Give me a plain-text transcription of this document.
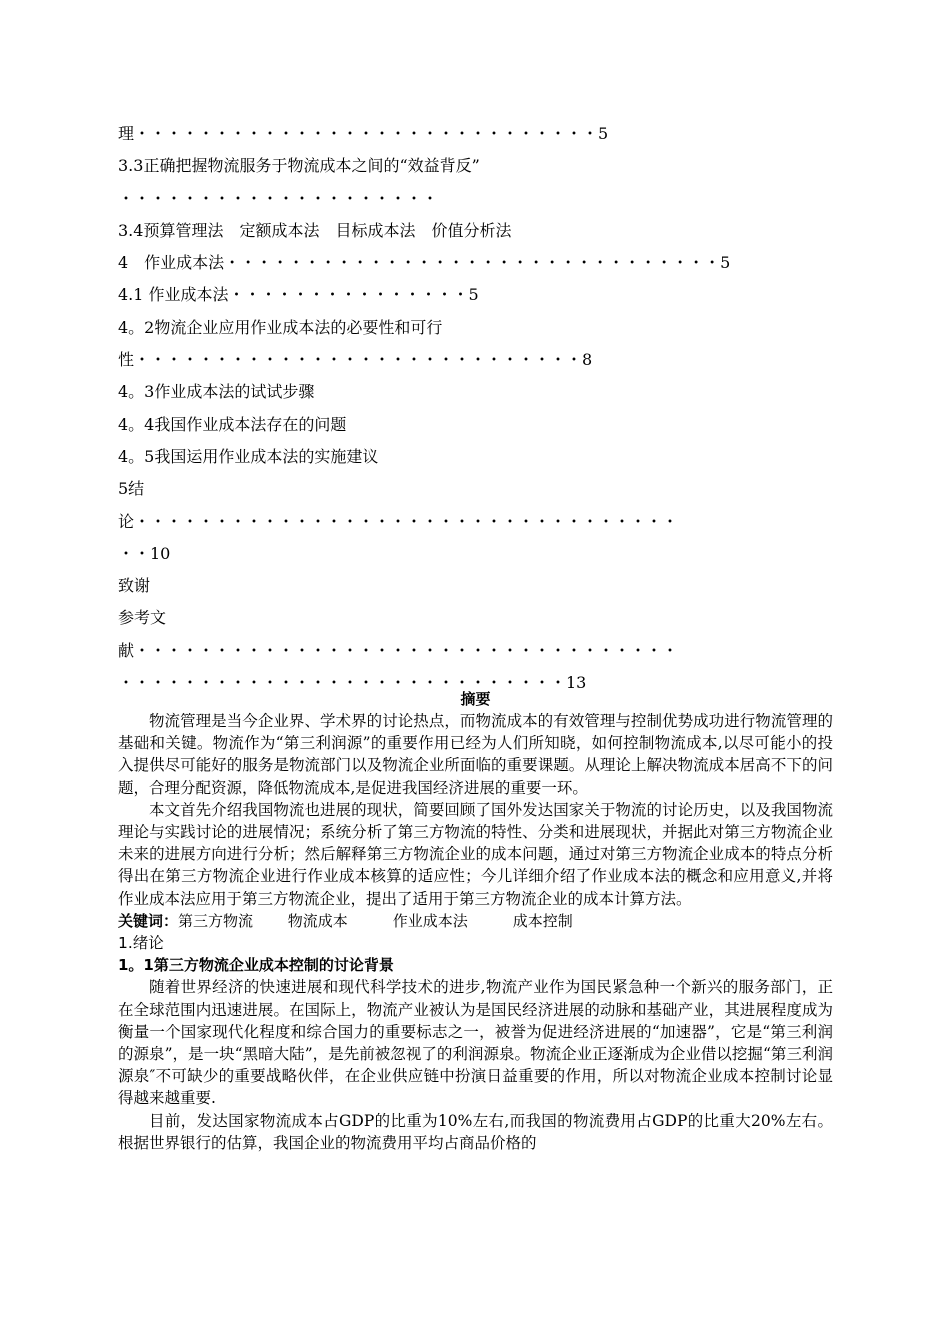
理・・・・・・・・・・・・・・・・・・・・・・・・・・・・・5
3.3正确把握物流服务于物流成本之间的“效益背反”
・・・・・・・・・・・・・・・・・・・・
3.4预算管理法　定额成本法　目标成本法　价值分析法
4　作业成本法・・・・・・・・・・・・・・・・・・・・・・・・・・・・・・・5
4.1 作业成本法・・・・・・・・・・・・・・・5
4。2物流企业应用作业成本法的必要性和可行
性・・・・・・・・・・・・・・・・・・・・・・・・・・・・8
4。3作业成本法的试试步骤
4。4我国作业成本法存在的问题
4。5我国运用作业成本法的实施建议
5结
论・・・・・・・・・・・・・・・・・・・・・・・・・・・・・・・・・・
・・10
致谢
参考文
献・・・・・・・・・・・・・・・・・・・・・・・・・・・・・・・・・・
・・・・・・・・・・・・・・・・・・・・・・・・・・・・13
摘要
物流管理是当今企业界、学术界的讨论热点，而物流成本的有效管理与控制优势成功进行物流管理的基础和关键。物流作为“第三利润源”的重要作用已经为人们所知晓，如何控制物流成本,以尽可能小的投入提供尽可能好的服务是物流部门以及物流企业所面临的重要课题。从理论上解决物流成本居高不下的问题，合理分配资源，降低物流成本,是促进我国经济进展的重要一环。
本文首先介绍我国物流也进展的现状，简要回顾了国外发达国家关于物流的讨论历史，以及我国物流理论与实践讨论的进展情况；系统分析了第三方物流的特性、分类和进展现状，并据此对第三方物流企业未来的进展方向进行分析；然后解释第三方物流企业的成本问题，通过对第三方物流企业成本的特点分析得出在第三方物流企业进行作业成本核算的适应性；今儿详细介绍了作业成本法的概念和应用意义,并将作业成本法应用于第三方物流企业，提出了适用于第三方物流企业的成本计算方法。
关键词：第三方物流　　 物流成本　　　作业成本法　　　成本控制
1.绪论
1。1第三方物流企业成本控制的讨论背景
随着世界经济的快速进展和现代科学技术的进步,物流产业作为国民紧急种一个新兴的服务部门，正在全球范围内迅速进展。在国际上，物流产业被认为是国民经济进展的动脉和基础产业，其进展程度成为衡量一个国家现代化程度和综合国力的重要标志之一，被誉为促进经济进展的“加速器”，它是“第三利润的源泉”，是一块“黑暗大陆”，是先前被忽视了的利润源泉。物流企业正逐渐成为企业借以挖掘“第三利润源泉″不可缺少的重要战略伙伴，在企业供应链中扮演日益重要的作用，所以对物流企业成本控制讨论显得越来越重要.
目前，发达国家物流成本占GDP的比重为10%左右,而我国的物流费用占GDP的比重大20%左右。根据世界银行的估算，我国企业的物流费用平均占商品价格的
